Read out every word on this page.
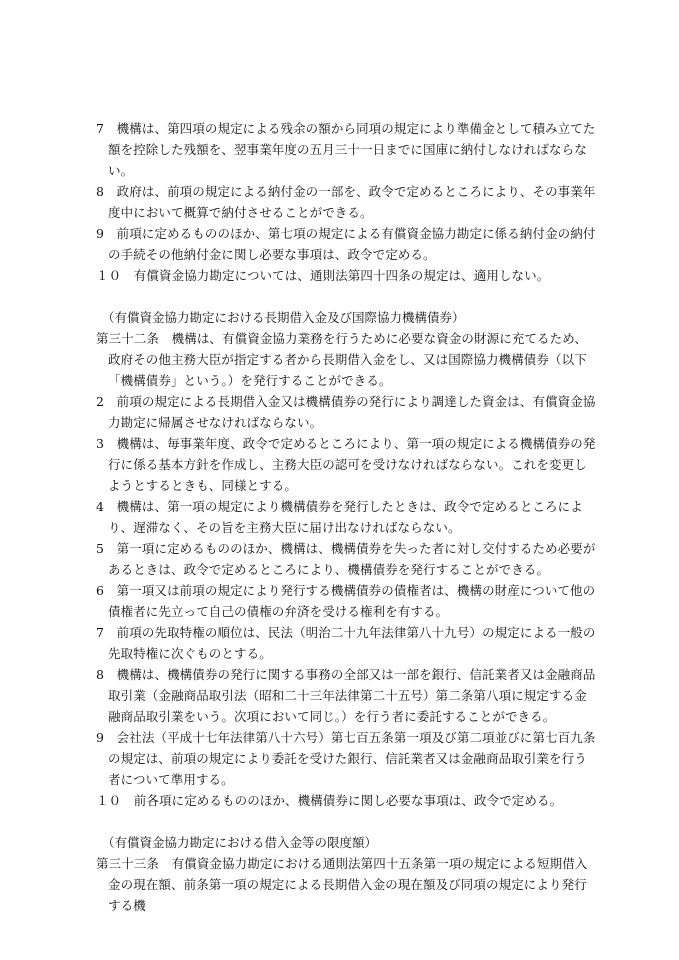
7　機構は、第四項の規定による残余の額から同項の規定により準備金として積み立てた額を控除した残額を、翌事業年度の五月三十一日までに国庫に納付しなければならない。

8　政府は、前項の規定による納付金の一部を、政令で定めるところにより、その事業年度中において概算で納付させることができる。

9　前項に定めるもののほか、第七項の規定による有償資金協力勘定に係る納付金の納付の手続その他納付金に関し必要な事項は、政令で定める。

１０　有償資金協力勘定については、通則法第四十四条の規定は、適用しない。

（有償資金協力勘定における長期借入金及び国際協力機構債券）

第三十二条　機構は、有償資金協力業務を行うために必要な資金の財源に充てるため、政府その他主務大臣が指定する者から長期借入金をし、又は国際協力機構債券（以下「機構債券」という。）を発行することができる。

2　前項の規定による長期借入金又は機構債券の発行により調達した資金は、有償資金協力勘定に帰属させなければならない。

3　機構は、毎事業年度、政令で定めるところにより、第一項の規定による機構債券の発行に係る基本方針を作成し、主務大臣の認可を受けなければならない。これを変更しようとするときも、同様とする。

4　機構は、第一項の規定により機構債券を発行したときは、政令で定めるところにより、遅滞なく、その旨を主務大臣に届け出なければならない。

5　第一項に定めるもののほか、機構は、機構債券を失った者に対し交付するため必要があるときは、政令で定めるところにより、機構債券を発行することができる。

6　第一項又は前項の規定により発行する機構債券の債権者は、機構の財産について他の債権者に先立って自己の債権の弁済を受ける権利を有する。

7　前項の先取特権の順位は、民法（明治二十九年法律第八十九号）の規定による一般の先取特権に次ぐものとする。

8　機構は、機構債券の発行に関する事務の全部又は一部を銀行、信託業者又は金融商品取引業（金融商品取引法（昭和二十三年法律第二十五号）第二条第八項に規定する金融商品取引業をいう。次項において同じ。）を行う者に委託することができる。

9　会社法（平成十七年法律第八十六号）第七百五条第一項及び第二項並びに第七百九条の規定は、前項の規定により委託を受けた銀行、信託業者又は金融商品取引業を行う者について準用する。

１０　前各項に定めるもののほか、機構債券に関し必要な事項は、政令で定める。

（有償資金協力勘定における借入金等の限度額）

第三十三条　有償資金協力勘定における通則法第四十五条第一項の規定による短期借入金の現在額、前条第一項の規定による長期借入金の現在額及び同項の規定により発行する機
